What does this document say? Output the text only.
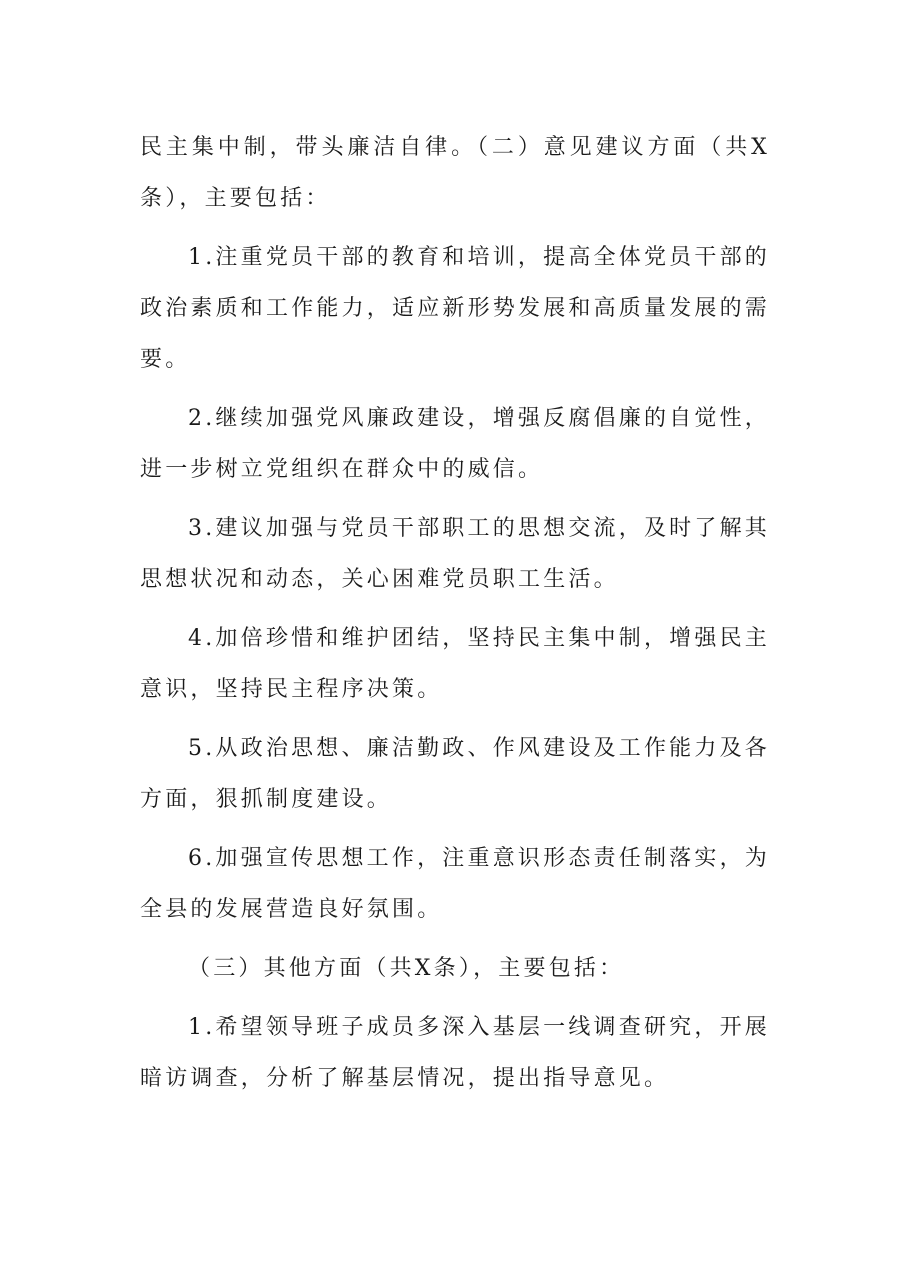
民主集中制，带头廉洁自律。（二）意见建议方面（共X条），主要包括：

1.注重党员干部的教育和培训，提高全体党员干部的政治素质和工作能力，适应新形势发展和高质量发展的需要。

2.继续加强党风廉政建设，增强反腐倡廉的自觉性，进一步树立党组织在群众中的威信。

3.建议加强与党员干部职工的思想交流，及时了解其思想状况和动态，关心困难党员职工生活。

4.加倍珍惜和维护团结，坚持民主集中制，增强民主意识，坚持民主程序决策。

5.从政治思想、廉洁勤政、作风建设及工作能力及各方面，狠抓制度建设。

6.加强宣传思想工作，注重意识形态责任制落实，为全县的发展营造良好氛围。

（三）其他方面（共X条），主要包括：

1.希望领导班子成员多深入基层一线调查研究，开展暗访调查，分析了解基层情况，提出指导意见。
